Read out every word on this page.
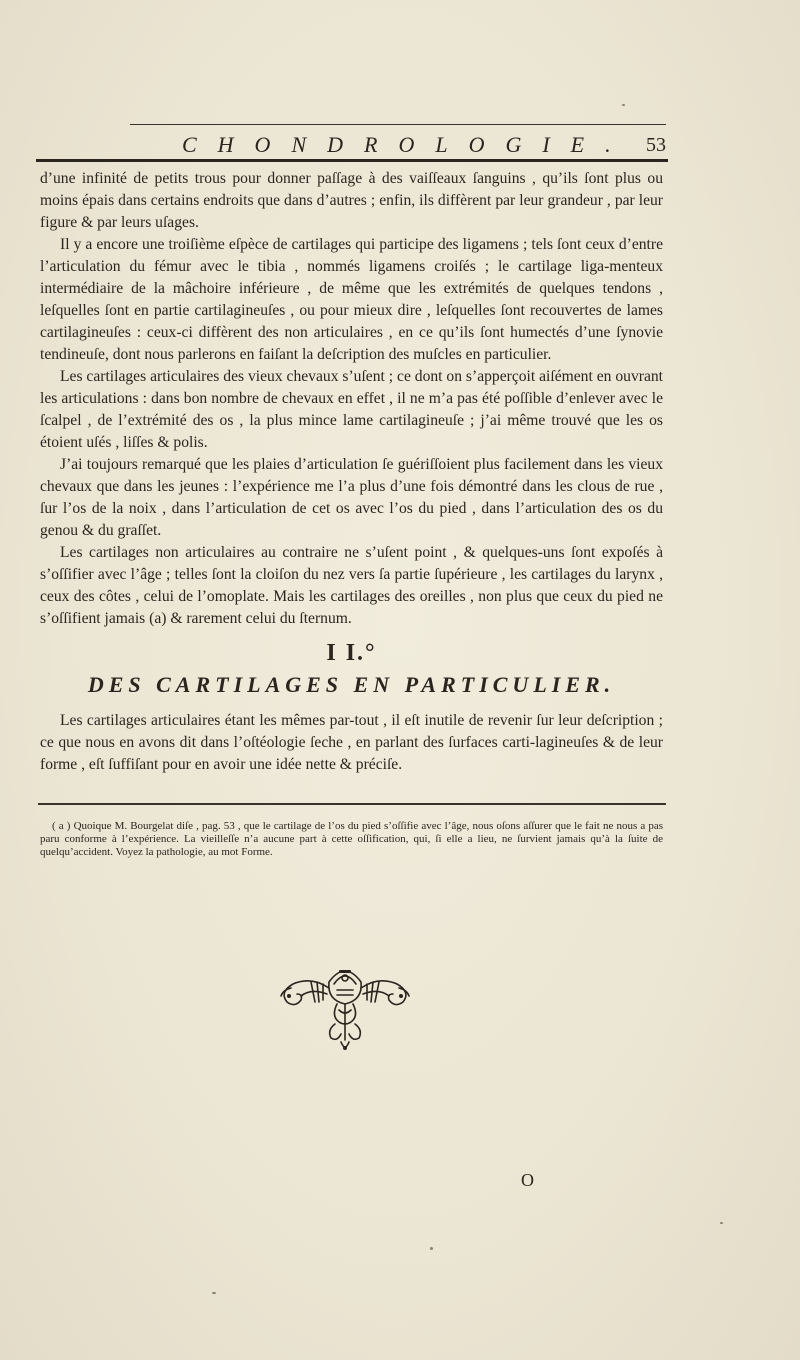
CHONDROLOGIE. 53

d’une infinité de petits trous pour donner paſſage à des vaiſſeaux ſanguins , qu’ils ſont plus ou moins épais dans certains endroits que dans d’autres ; enfin, ils diffèrent par leur grandeur , par leur figure & par leurs uſages.

Il y a encore une troiſième eſpèce de cartilages qui participe des ligamens ; tels ſont ceux d’entre l’articulation du fémur avec le tibia , nommés ligamens croiſés ; le cartilage liga-menteux intermédiaire de la mâchoire inférieure , de même que les extrémités de quelques tendons , leſquelles ſont en partie cartilagineuſes , ou pour mieux dire , leſquelles ſont recouvertes de lames cartilagineuſes : ceux-ci diffèrent des non articulaires , en ce qu’ils ſont humectés d’une ſynovie tendineuſe, dont nous parlerons en faiſant la deſcription des muſcles en particulier.

Les cartilages articulaires des vieux chevaux s’uſent ; ce dont on s’apperçoit aiſément en ouvrant les articulations : dans bon nombre de chevaux en effet , il ne m’a pas été poſſible d’enlever avec le ſcalpel , de l’extrémité des os , la plus mince lame cartilagineuſe ; j’ai même trouvé que les os étoient uſés , liſſes & polis.

J’ai toujours remarqué que les plaies d’articulation ſe guériſſoient plus facilement dans les vieux chevaux que dans les jeunes : l’expérience me l’a plus d’une fois démontré dans les clous de rue , ſur l’os de la noix , dans l’articulation de cet os avec l’os du pied , dans l’articulation des os du genou & du graſſet.

Les cartilages non articulaires au contraire ne s’uſent point , & quelques-uns ſont expoſés à s’oſſifier avec l’âge ; telles ſont la cloiſon du nez vers ſa partie ſupérieure , les cartilages du larynx , ceux des côtes , celui de l’omoplate. Mais les cartilages des oreilles , non plus que ceux du pied ne s’oſſifient jamais (a) & rarement celui du ſternum.

I I.°
DES CARTILAGES EN PARTICULIER.

Les cartilages articulaires étant les mêmes par-tout , il eſt inutile de revenir ſur leur deſcription ; ce que nous en avons dit dans l’oſtéologie ſeche , en parlant des ſurfaces carti-lagineuſes & de leur forme , eſt ſuffiſant pour en avoir une idée nette & préciſe.

( a ) Quoique M. Bourgelat diſe , pag. 53 , que le cartilage de l’os du pied s’oſſifie avec l’âge, nous oſons aſſurer que le fait ne nous a pas paru conforme à l’expérience. La vieilleſſe n’a aucune part à cette oſſification, qui, ſi elle a lieu, ne ſurvient jamais qu’à la ſuite de quelqu’accident. Voyez la pathologie, au mot Forme.
O
